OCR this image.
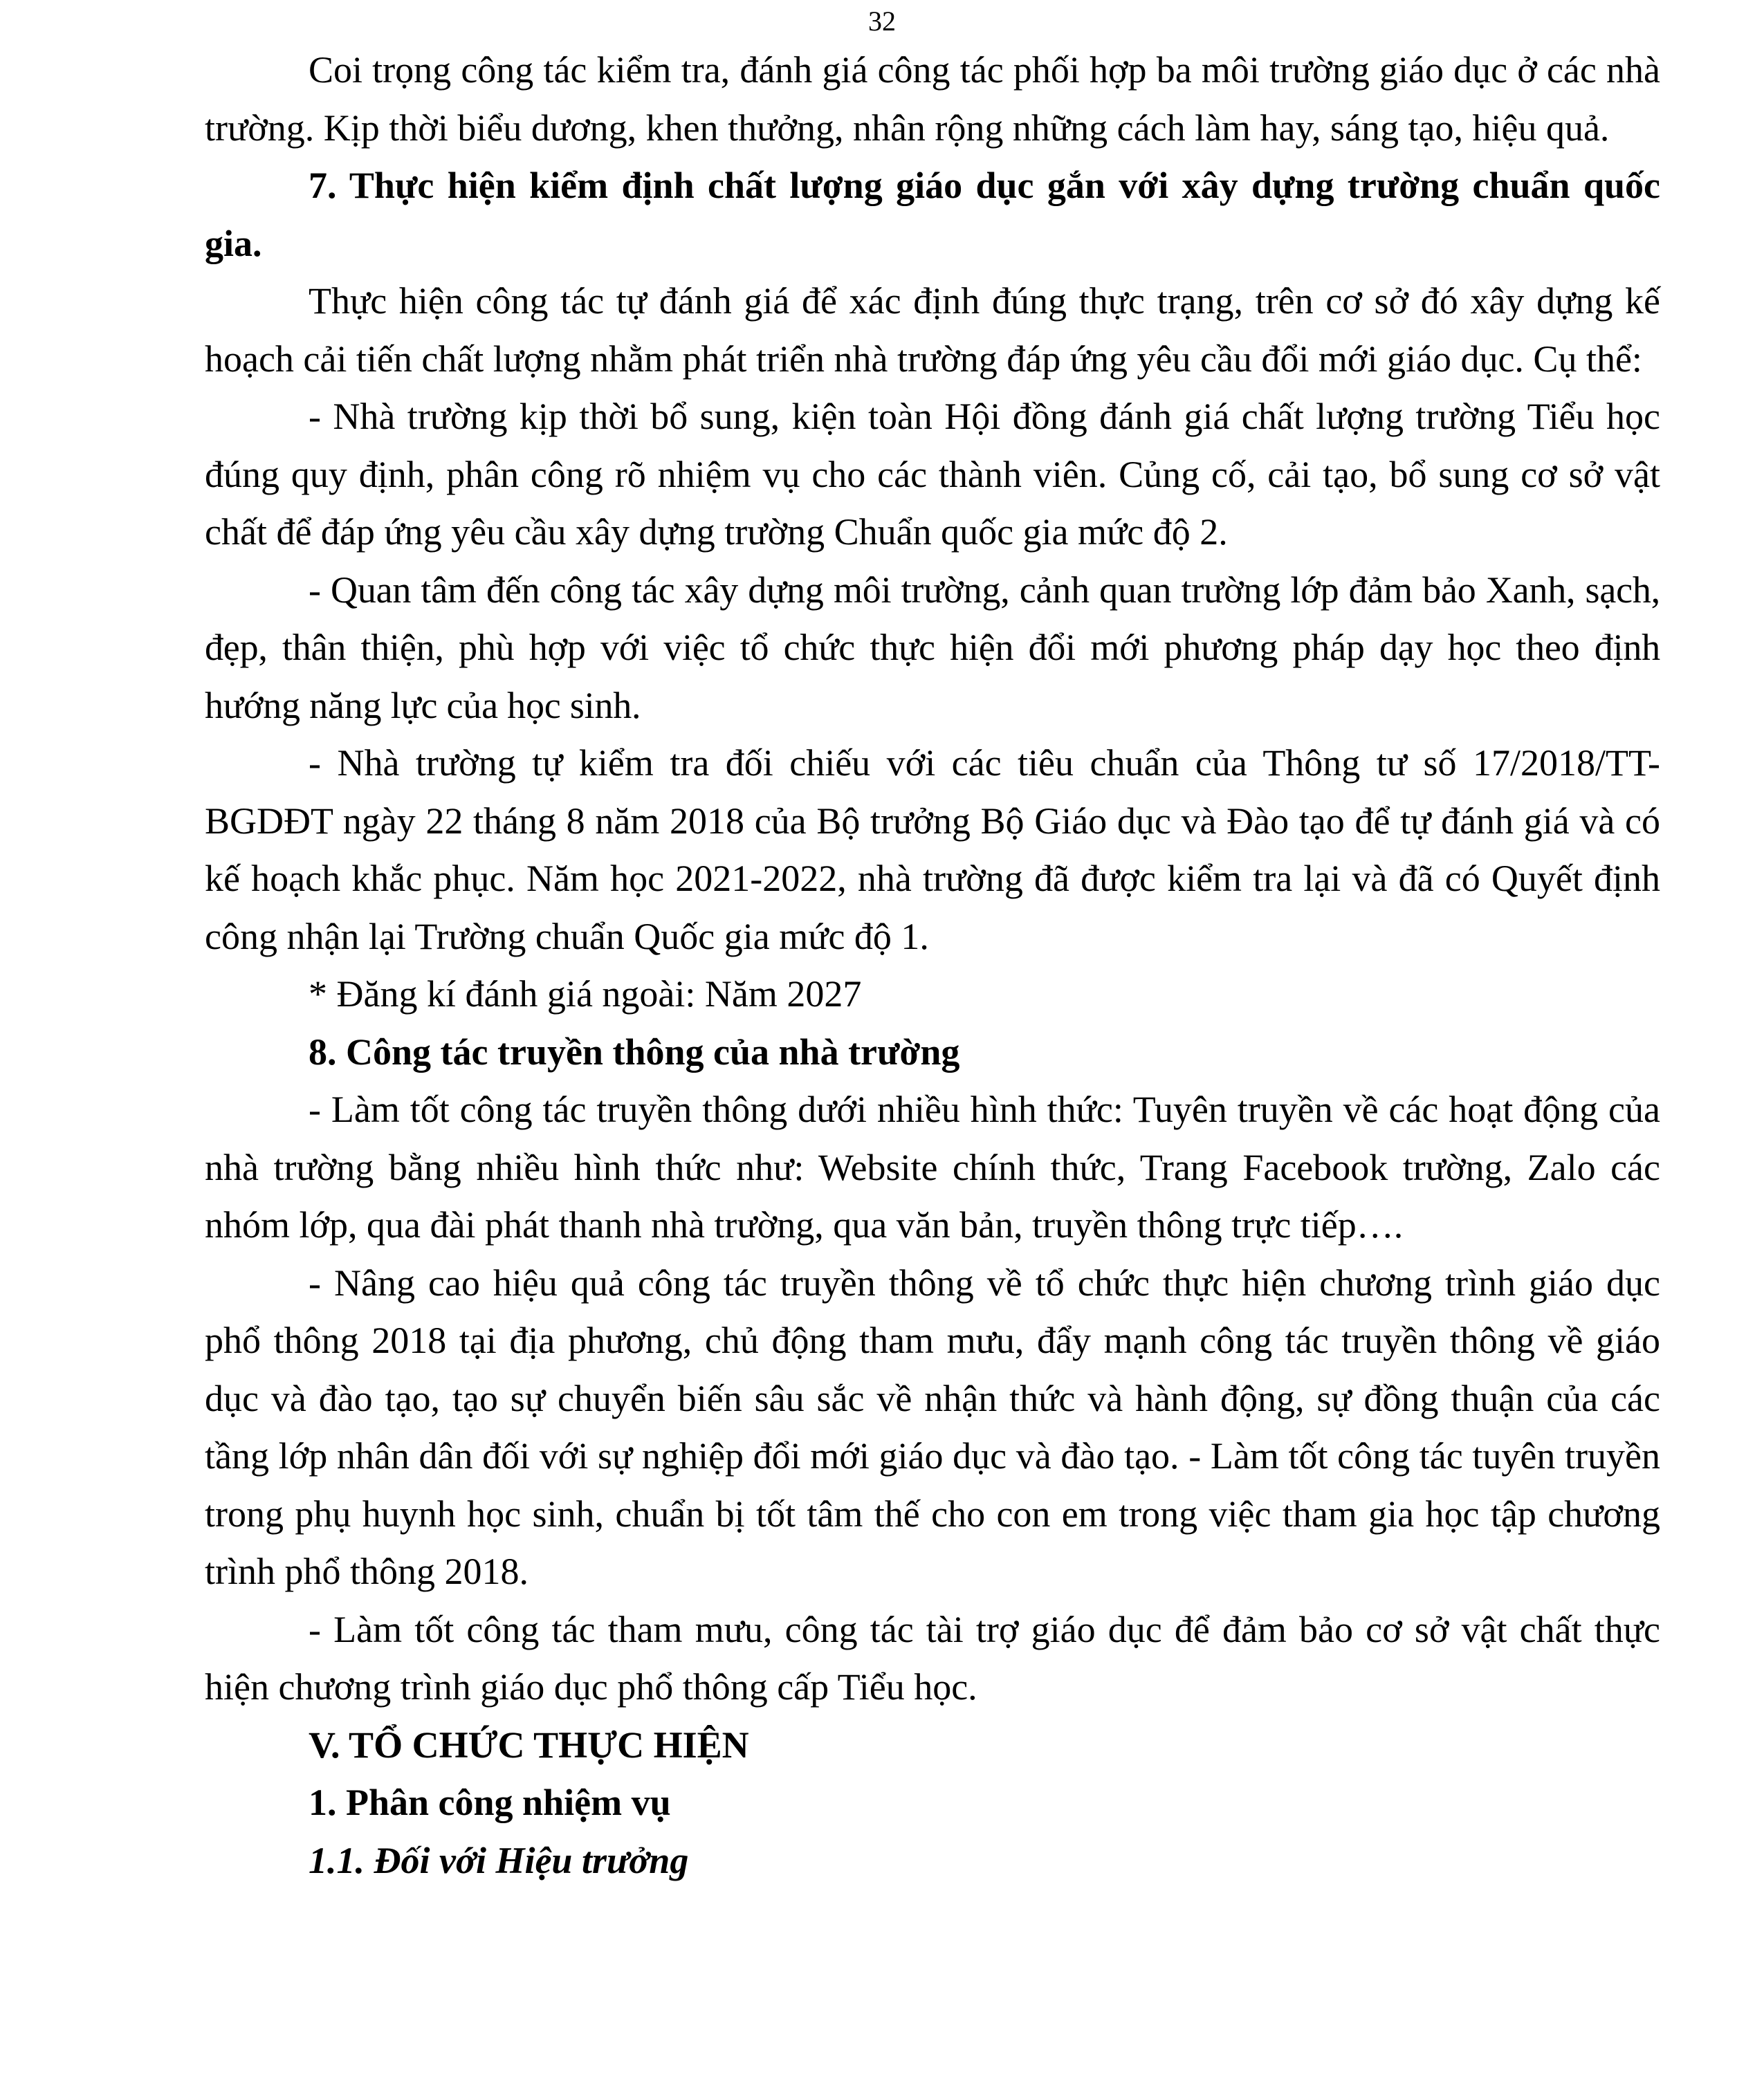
32

Coi trọng công tác kiểm tra, đánh giá công tác phối hợp ba môi trường giáo dục ở các nhà trường. Kịp thời biểu dương, khen thưởng, nhân rộng những cách làm hay, sáng tạo, hiệu quả.

7. Thực hiện kiểm định chất lượng giáo dục gắn với xây dựng trường chuẩn quốc gia.

Thực hiện công tác tự đánh giá để xác định đúng thực trạng, trên cơ sở đó xây dựng kế hoạch cải tiến chất lượng nhằm phát triển nhà trường đáp ứng yêu cầu đổi mới giáo dục. Cụ thể:

- Nhà trường kịp thời bổ sung, kiện toàn Hội đồng đánh giá chất lượng trường Tiểu học đúng quy định, phân công rõ nhiệm vụ cho các thành viên. Củng cố, cải tạo, bổ sung cơ sở vật chất để đáp ứng yêu cầu xây dựng trường Chuẩn quốc gia mức độ 2.

- Quan tâm đến công tác xây dựng môi trường, cảnh quan trường lớp đảm bảo Xanh, sạch, đẹp, thân thiện, phù hợp với việc tổ chức thực hiện đổi mới phương pháp dạy học theo định hướng năng lực của học sinh.

- Nhà trường tự kiểm tra đối chiếu với các tiêu chuẩn của Thông tư số 17/2018/TT-BGDĐT ngày 22 tháng 8 năm 2018 của Bộ trưởng Bộ Giáo dục và Đào tạo để tự đánh giá và có kế hoạch khắc phục. Năm học 2021-2022, nhà trường đã được kiểm tra lại và đã có Quyết định công nhận lại Trường chuẩn Quốc gia mức độ 1.

* Đăng kí đánh giá ngoài: Năm 2027

8. Công tác truyền thông của nhà trường

- Làm tốt công tác truyền thông dưới nhiều hình thức: Tuyên truyền về các hoạt động của nhà trường bằng nhiều hình thức như: Website chính thức, Trang Facebook trường, Zalo các nhóm lớp, qua đài phát thanh nhà trường, qua văn bản, truyền thông trực tiếp….

- Nâng cao hiệu quả công tác truyền thông về tổ chức thực hiện chương trình giáo dục phổ thông 2018 tại địa phương, chủ động tham mưu, đẩy mạnh công tác truyền thông về giáo dục và đào tạo, tạo sự chuyển biến sâu sắc về nhận thức và hành động, sự đồng thuận của các tầng lớp nhân dân đối với sự nghiệp đổi mới giáo dục và đào tạo. - Làm tốt công tác tuyên truyền trong phụ huynh học sinh, chuẩn bị tốt tâm thế cho con em trong việc tham gia học tập chương trình phổ thông 2018.

- Làm tốt công tác tham mưu, công tác tài trợ giáo dục để đảm bảo cơ sở vật chất thực hiện chương trình giáo dục phổ thông cấp Tiểu học.

V. TỔ CHỨC THỰC HIỆN

1. Phân công nhiệm vụ

1.1. Đối với Hiệu trưởng
